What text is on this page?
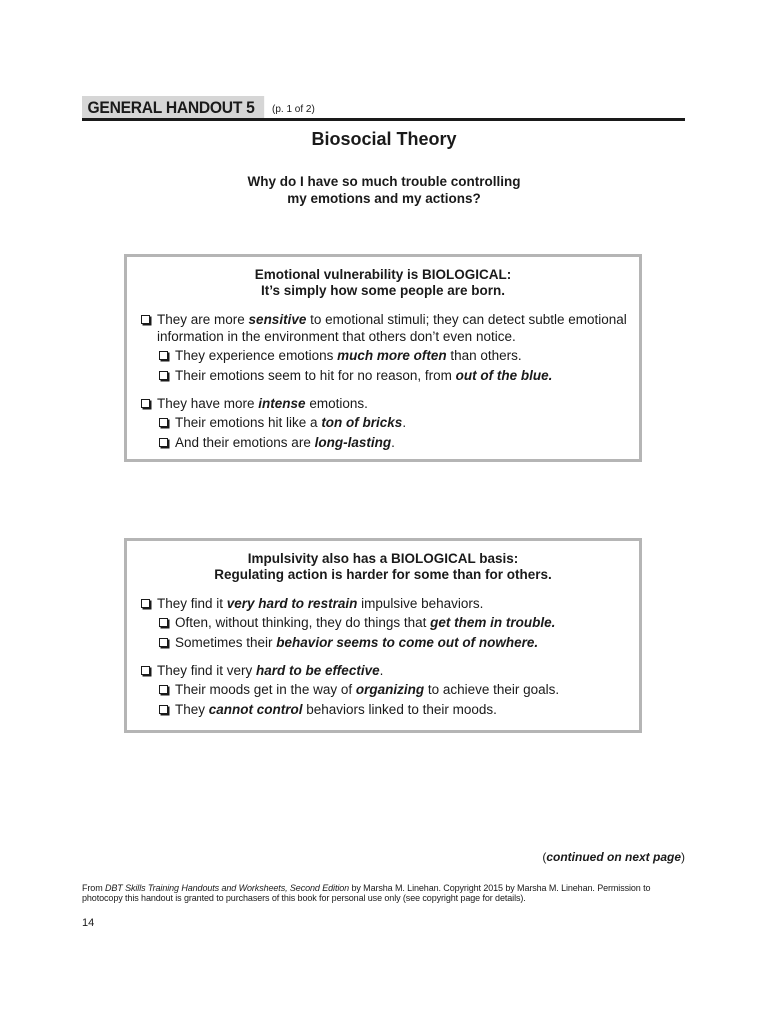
GENERAL HANDOUT 5	(p. 1 of 2)
Biosocial Theory
Why do I have so much trouble controlling
my emotions and my actions?
Emotional vulnerability is BIOLOGICAL:
It’s simply how some people are born.
They are more sensitive to emotional stimuli; they can detect subtle emotional information in the environment that others don’t even notice.
They experience emotions much more often than others.
Their emotions seem to hit for no reason, from out of the blue.
They have more intense emotions.
Their emotions hit like a ton of bricks.
And their emotions are long-lasting.
Impulsivity also has a BIOLOGICAL basis:
Regulating action is harder for some than for others.
They find it very hard to restrain impulsive behaviors.
Often, without thinking, they do things that get them in trouble.
Sometimes their behavior seems to come out of nowhere.
They find it very hard to be effective.
Their moods get in the way of organizing to achieve their goals.
They cannot control behaviors linked to their moods.
(continued on next page)
From DBT Skills Training Handouts and Worksheets, Second Edition by Marsha M. Linehan. Copyright 2015 by Marsha M. Linehan. Permission to photocopy this handout is granted to purchasers of this book for personal use only (see copyright page for details).
14
